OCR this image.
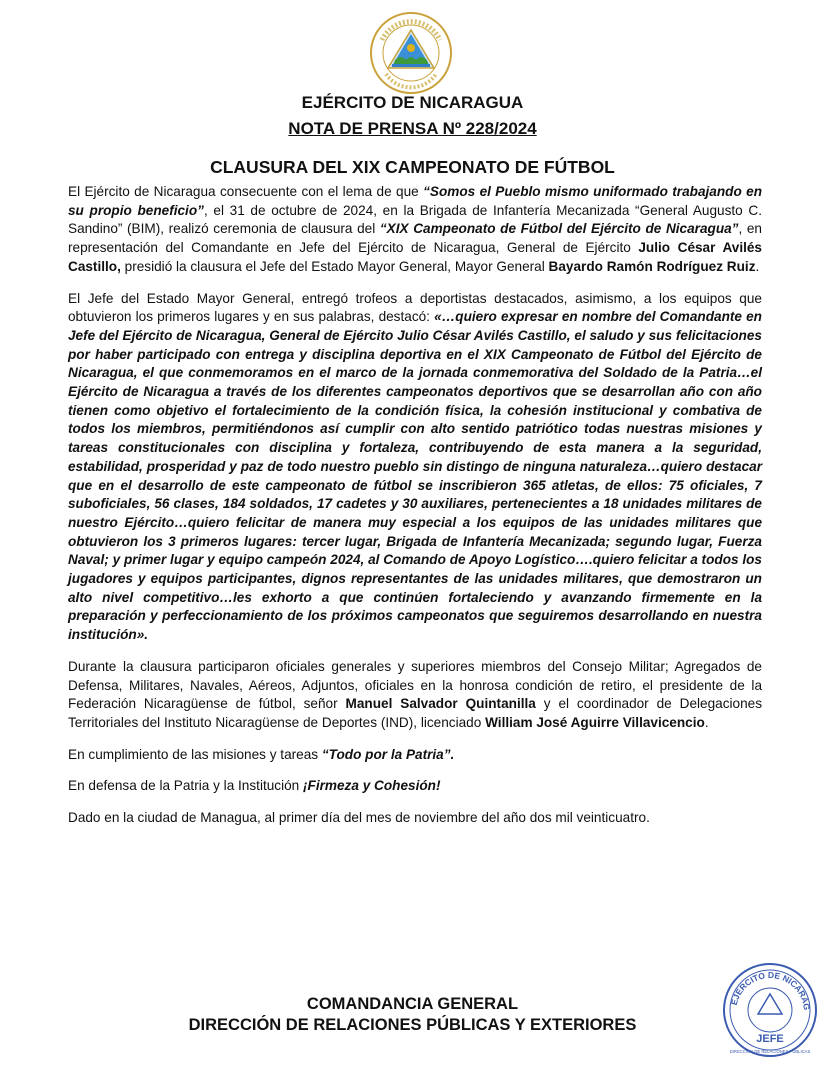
EJÉRCITO DE NICARAGUA

NOTA DE PRENSA Nº 228/2024

CLAUSURA DEL XIX CAMPEONATO DE FÚTBOL

El Ejército de Nicaragua consecuente con el lema de que “Somos el Pueblo mismo uniformado trabajando en su propio beneficio”, el 31 de octubre de 2024, en la Brigada de Infantería Mecanizada “General Augusto C. Sandino” (BIM), realizó ceremonia de clausura del “XIX Campeonato de Fútbol del Ejército de Nicaragua”, en representación del Comandante en Jefe del Ejército de Nicaragua, General de Ejército Julio César Avilés Castillo, presidió la clausura el Jefe del Estado Mayor General, Mayor General Bayardo Ramón Rodríguez Ruiz.

El Jefe del Estado Mayor General, entregó trofeos a deportistas destacados, asimismo, a los equipos que obtuvieron los primeros lugares y en sus palabras, destacó: «…quiero expresar en nombre del Comandante en Jefe del Ejército de Nicaragua, General de Ejército Julio César Avilés Castillo, el saludo y sus felicitaciones por haber participado con entrega y disciplina deportiva en el XIX Campeonato de Fútbol del Ejército de Nicaragua, el que conmemoramos en el marco de la jornada conmemorativa del Soldado de la Patria…el Ejército de Nicaragua a través de los diferentes campeonatos deportivos que se desarrollan año con año tienen como objetivo el fortalecimiento de la condición física, la cohesión institucional y combativa de todos los miembros, permitiéndonos así cumplir con alto sentido patriótico todas nuestras misiones y tareas constitucionales con disciplina y fortaleza, contribuyendo de esta manera a la seguridad, estabilidad, prosperidad y paz de todo nuestro pueblo sin distingo de ninguna naturaleza…quiero destacar que en el desarrollo de este campeonato de fútbol se inscribieron 365 atletas, de ellos: 75 oficiales, 7 suboficiales, 56 clases, 184 soldados, 17 cadetes y 30 auxiliares, pertenecientes a 18 unidades militares de nuestro Ejército…quiero felicitar de manera muy especial a los equipos de las unidades militares que obtuvieron los 3 primeros lugares: tercer lugar, Brigada de Infantería Mecanizada; segundo lugar, Fuerza Naval; y primer lugar y equipo campeón 2024, al Comando de Apoyo Logístico….quiero felicitar a todos los jugadores y equipos participantes, dignos representantes de las unidades militares, que demostraron un alto nivel competitivo…les exhorto a que continúen fortaleciendo y avanzando firmemente en la preparación y perfeccionamiento de los próximos campeonatos que seguiremos desarrollando en nuestra institución».

Durante la clausura participaron oficiales generales y superiores miembros del Consejo Militar; Agregados de Defensa, Militares, Navales, Aéreos, Adjuntos, oficiales en la honrosa condición de retiro, el presidente de la Federación Nicaragüense de fútbol, señor Manuel Salvador Quintanilla y el coordinador de Delegaciones Territoriales del Instituto Nicaragüense de Deportes (IND), licenciado William José Aguirre Villavicencio.

En cumplimiento de las misiones y tareas “Todo por la Patria”.

En defensa de la Patria y la Institución ¡Firmeza y Cohesión!

Dado en la ciudad de Managua, al primer día del mes de noviembre del año dos mil veinticuatro.

COMANDANCIA GENERAL

DIRECCIÓN DE RELACIONES PÚBLICAS Y EXTERIORES

EJÉRCITO DE NICARAG
JEFE
DIRECCIÓN DE RELACIONES PÚBLICAS
